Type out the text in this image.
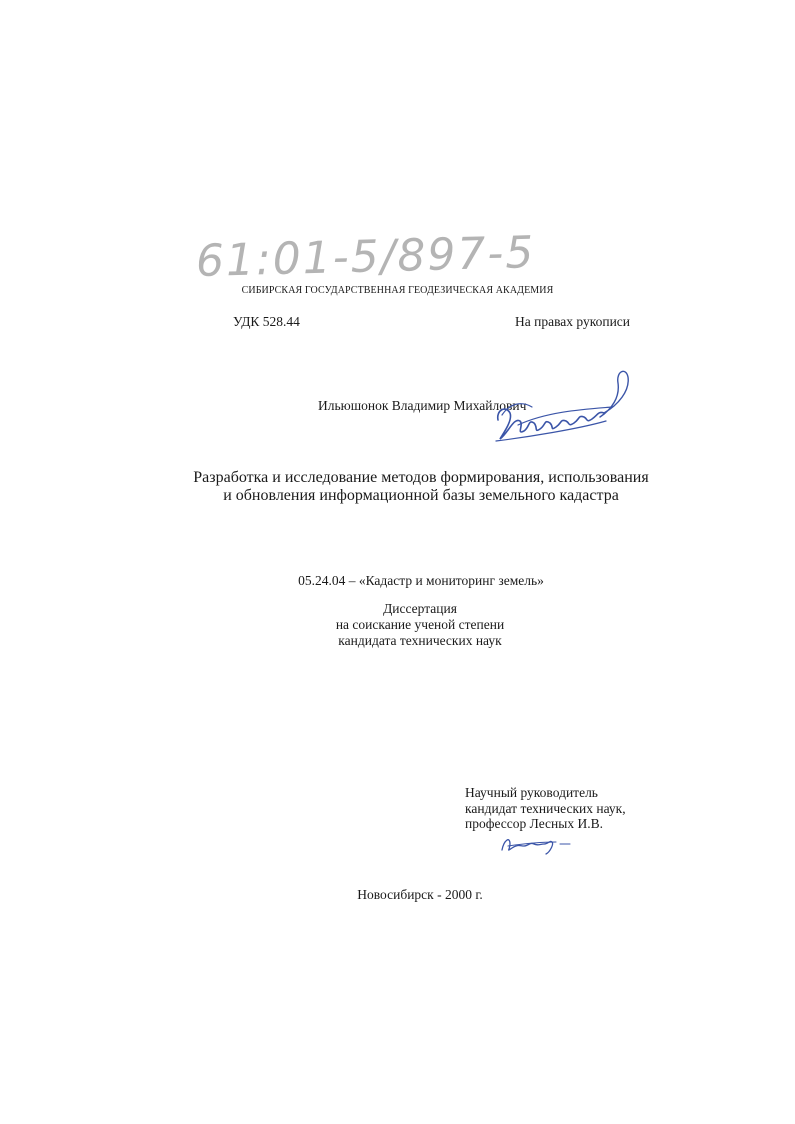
61:01-5/897-5
СИБИРСКАЯ ГОСУДАРСТВЕННАЯ ГЕОДЕЗИЧЕСКАЯ АКАДЕМИЯ
УДК 528.44	На правах рукописи
Ильюшонок Владимир Михайлович
Разработка и исследование методов формирования, использования
и обновления информационной базы земельного кадастра
05.24.04 – «Кадастр и мониторинг земель»
Диссертация
на соискание ученой степени
кандидата технических наук
Научный руководитель
кандидат технических наук,
профессор Лесных И.В.
Новосибирск - 2000 г.
